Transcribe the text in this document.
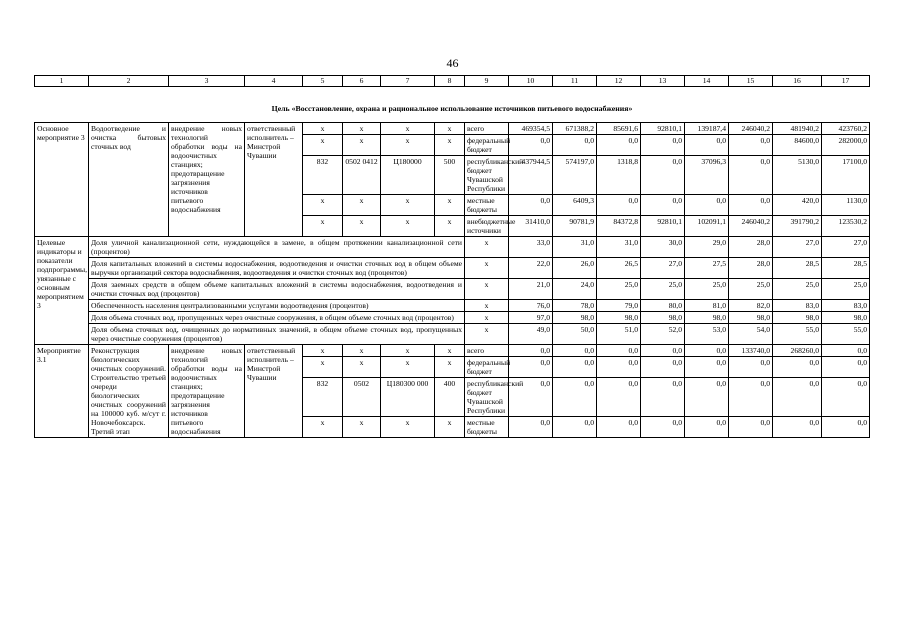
46
1	2	3	4	5	6	7	8	9	10	11	12	13	14	15	16	17
Цель «Восстановление, охрана и рациональное использование источников питьевого водоснабжения»																
Основное мероприятие 3	Водоотведение и очистка бытовых сточных вод	внедрение новых технологий обработки воды на водоочистных станциях; предотвращение загрязнения источников питьевого водоснабжения	ответственный исполнитель – Минстрой Чувашии	x	x	x	x	всего	469354,5	671388,2	85691,6	92810,1	139187,4	246040,2	481940,2	423760,2
				x	x	x	x	федеральный бюджет	0,0	0,0	0,0	0,0	0,0	0,0	84600,0	282000,0
				832	0502 0412	Ц180000	500	республиканский бюджет Чувашской Республики	437944,5	574197,0	1318,8	0,0	37096,3	0,0	5130,0	17100,0
				x	x	x	x	местные бюджеты	0,0	6409,3	0,0	0,0	0,0	0,0	420,0	1130,0
				x	x	x	x	внебюджетные источники	31410,0	90781,9	84372,8	92810,1	102091,1	246040,2	391790,2	123530,2
Целевые индикаторы и показатели подпрограммы, увязанные с основным мероприятием 3	Доля уличной канализационной сети, нуждающейся в замене, в общем протяжении канализационной сети (процентов)							x	33,0	31,0	31,0	30,0	29,0	28,0	27,0	27,0
	Доля капитальных вложений в системы водоснабжения, водоотведения и очистки сточных вод в общем объеме выручки организаций сектора водоснабжения, водоотведения и очистки сточных вод (процентов)							x	22,0	26,0	26,5	27,0	27,5	28,0	28,5	28,5
	Доля заемных средств в общем объеме капитальных вложений в системы водоснабжения, водоотведения и очистки сточных вод (процентов)							x	21,0	24,0	25,0	25,0	25,0	25,0	25,0	25,0
	Обеспеченность населения централизованными услугами водоотведения (процентов)							x	76,0	78,0	79,0	80,0	81,0	82,0	83,0	83,0
	Доля объема сточных вод, пропущенных через очистные сооружения, в общем объеме сточных вод (процентов)							x	97,0	98,0	98,0	98,0	98,0	98,0	98,0	98,0
	Доля объема сточных вод, очищенных до нормативных значений, в общем объеме сточных вод, пропущенных через очистные сооружения (процентов)							x	49,0	50,0	51,0	52,0	53,0	54,0	55,0	55,0
Мероприятие 3.1	Реконструкция биологических очистных сооружений. Строительство третьей очереди биологических очистных сооружений на 100000 куб. м/сут г. Новочебоксарск. Третий этап	внедрение новых технологий обработки воды на водоочистных станциях; предотвращение загрязнения источников питьевого водоснабжения	ответственный исполнитель – Минстрой Чувашии	x	x	x	x	всего	0,0	0,0	0,0	0,0	0,0	133740,0	268260,0	0,0
				x	x	x	x	федеральный бюджет	0,0	0,0	0,0	0,0	0,0	0,0	0,0	0,0
				832	0502	Ц180300 000	400	республиканский бюджет Чувашской Республики	0,0	0,0	0,0	0,0	0,0	0,0	0,0	0,0
				x	x	x	x	местные бюджеты	0,0	0,0	0,0	0,0	0,0	0,0	0,0	0,0
